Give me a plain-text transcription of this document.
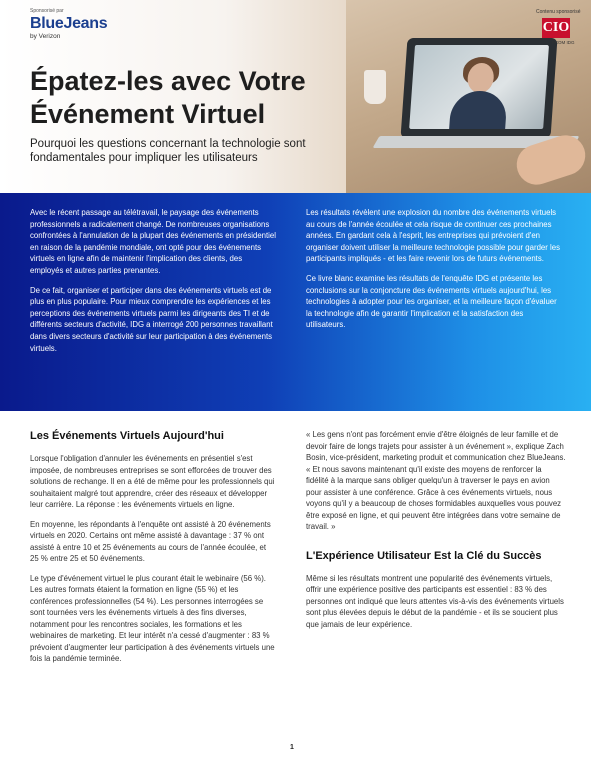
Sponsorisé par
BlueJeans
by Verizon
Contenu sponsorisé
CIO
FROM IDG
Épatez-les avec Votre Événement Virtuel

Pourquoi les questions concernant la technologie sont fondamentales pour impliquer les utilisateurs

Avec le récent passage au télétravail, le paysage des événements professionnels a radicalement changé. De nombreuses organisations confrontées à l'annulation de la plupart des événements en présidentiel en raison de la pandémie mondiale, ont opté pour des événements virtuels en ligne afin de maintenir l'implication des clients, des employés et autres parties prenantes.

De ce fait, organiser et participer dans des événements virtuels est de plus en plus populaire. Pour mieux comprendre les expériences et les perceptions des événements virtuels parmi les dirigeants des TI et de différents secteurs d'activité, IDG a interrogé 200 personnes travaillant dans divers secteurs d'activité sur leur participation à des événements virtuels.

Les résultats révèlent une explosion du nombre des événements virtuels au cours de l'année écoulée et cela risque de continuer ces prochaines années. En gardant cela à l'esprit, les entreprises qui prévoient d'en organiser doivent utiliser la meilleure technologie possible pour garder les participants impliqués - et les faire revenir lors de futurs événements.

Ce livre blanc examine les résultats de l'enquête IDG et présente les conclusions sur la conjoncture des événements virtuels aujourd'hui, les technologies à adopter pour les organiser, et la meilleure façon d'évaluer la technologie afin de garantir l'implication et la satisfaction des utilisateurs.

Les Événements Virtuels Aujourd'hui

Lorsque l'obligation d'annuler les événements en présentiel s'est imposée, de nombreuses entreprises se sont efforcées de trouver des solutions de rechange. Il en a été de même pour les professionnels qui souhaitaient malgré tout apprendre, créer des réseaux et développer leur carrière. La réponse : les événements virtuels en ligne.

En moyenne, les répondants à l'enquête ont assisté à 20 événements virtuels en 2020. Certains ont même assisté à davantage : 37 % ont assisté à entre 10 et 25 événements au cours de l'année écoulée, et 25 % entre 25 et 50 événements.

Le type d'événement virtuel le plus courant était le webinaire (56 %). Les autres formats étaient la formation en ligne (55 %) et les conférences professionnelles (54 %). Les personnes interrogées se sont tournées vers les événements virtuels à des fins diverses, notamment pour les rencontres sociales, les formations et les webinaires de marketing. Et leur intérêt n'a cessé d'augmenter : 83 % prévoient d'augmenter leur participation à des événements virtuels une fois la pandémie terminée.

« Les gens n'ont pas forcément envie d'être éloignés de leur famille et de devoir faire de longs trajets pour assister à un événement », explique Zach Bosin, vice-président, marketing produit et communication chez BlueJeans. « Et nous savons maintenant qu'il existe des moyens de renforcer la fidélité à la marque sans obliger quelqu'un à traverser le pays en avion pour assister à une conférence. Grâce à ces événements virtuels, nous voyons qu'il y a beaucoup de choses formidables auxquelles vous pouvez être exposé en ligne, et qui peuvent être intégrées dans votre semaine de travail. »

L'Expérience Utilisateur Est la Clé du Succès

Même si les résultats montrent une popularité des événements virtuels, offrir une expérience positive des participants est essentiel : 83 % des personnes ont indiqué que leurs attentes vis-à-vis des événements virtuels sont plus élevées depuis le début de la pandémie - et ils se soucient plus que jamais de leur expérience.

1
